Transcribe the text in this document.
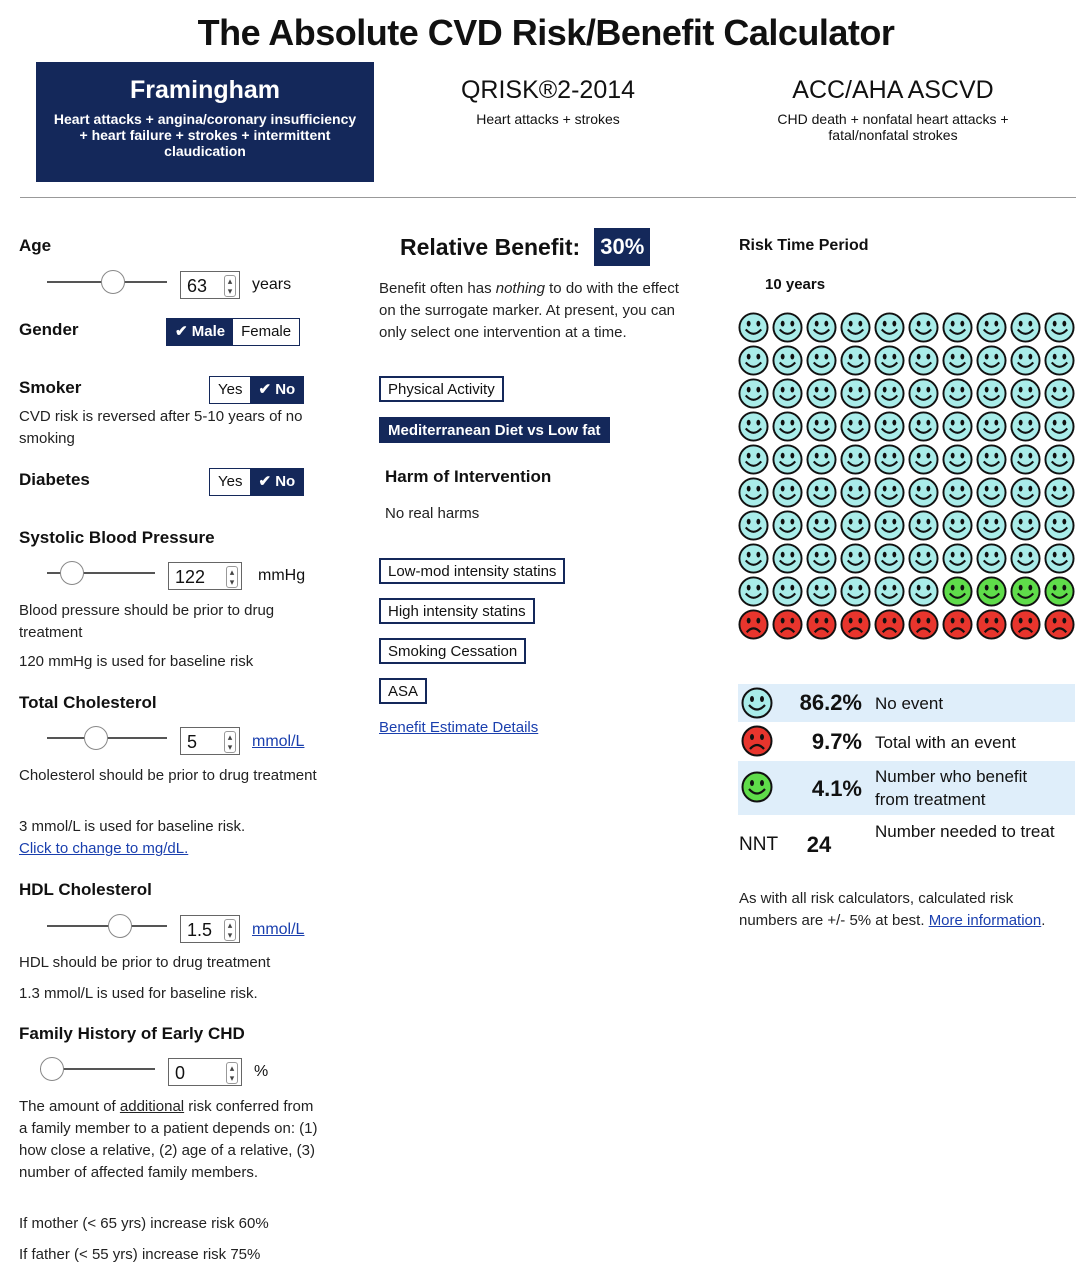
The Absolute CVD Risk/Benefit Calculator
Framingham
Heart attacks + angina/coronary insufficiency + heart failure + strokes + intermittent claudication
QRISK®2-2014
Heart attacks + strokes
ACC/AHA ASCVD
CHD death + nonfatal heart attacks + fatal/nonfatal strokes
Age
63	▴
▾ years
Gender	✔ Male	Female
Smoker	Yes	✔ No
CVD risk is reversed after 5-10 years of no smoking
Diabetes	Yes	✔ No
Systolic Blood Pressure
122	▴
▾ mmHg
Blood pressure should be prior to drug treatment
120 mmHg is used for baseline risk
Total Cholesterol
5	▴
▾ mmol/L
Cholesterol should be prior to drug treatment
3 mmol/L is used for baseline risk.
Click to change to mg/dL.
HDL Cholesterol
1.5	▴
▾ mmol/L
HDL should be prior to drug treatment
1.3 mmol/L is used for baseline risk.
Family History of Early CHD
0	▴
▾ %
The amount of additional risk conferred from a family member to a patient depends on: (1) how close a relative, (2) age of a relative, (3) number of affected family members.
If mother (< 65 yrs) increase risk 60%
If father (< 55 yrs) increase risk 75%
Relative Benefit: 30%
Benefit often has nothing to do with the effect on the surrogate marker. At present, you can only select one intervention at a time.
Physical Activity
Mediterranean Diet vs Low fat
Harm of Intervention
No real harms
Low-mod intensity statins
High intensity statins
Smoking Cessation
ASA
Benefit Estimate Details
Risk Time Period
10 years
86.2% No event
9.7% Total with an event
4.1% Number who benefit from treatment
NNT	24
Number needed to treat
As with all risk calculators, calculated risk numbers are +/- 5% at best. More information.
